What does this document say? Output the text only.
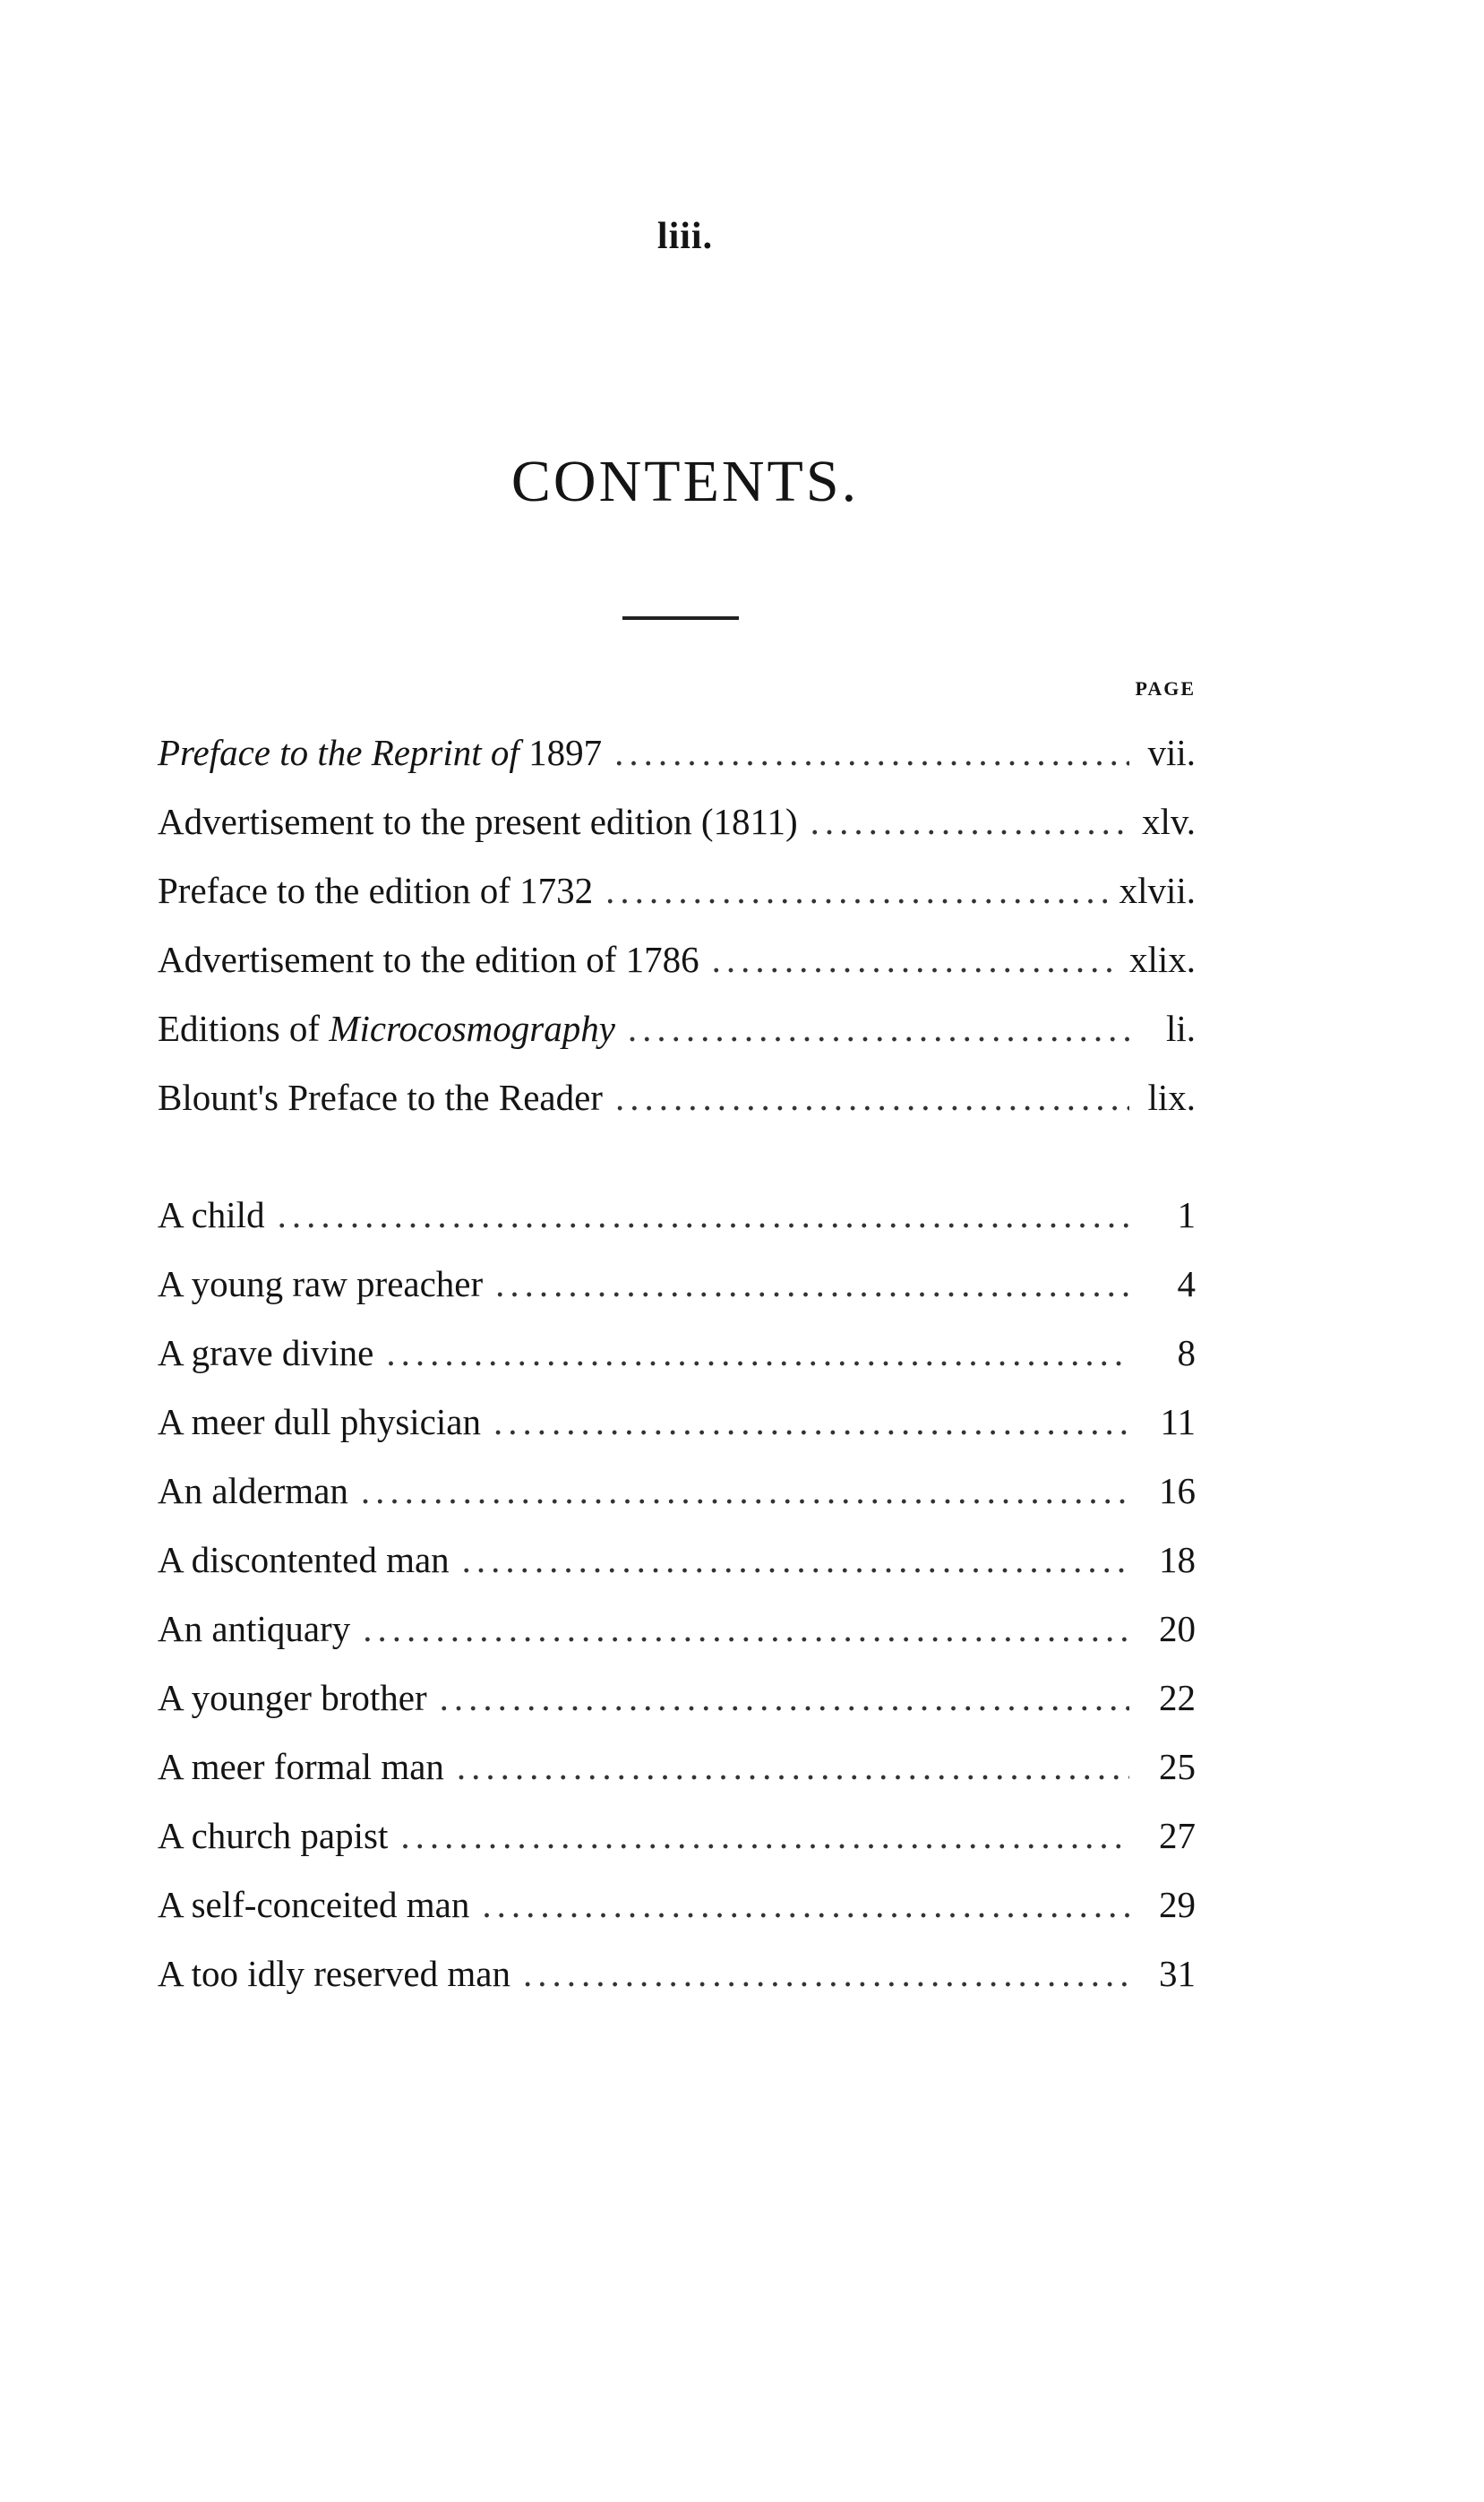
liii.
CONTENTS.
PAGE
Preface to the Reprint of 1897 .....	vii.
Advertisement to the present edition (1811) .....	xlv.
Preface to the edition of 1732 .....	xlvii.
Advertisement to the edition of 1786 .....	xlix.
Editions of Microcosmography .....	li.
Blount's Preface to the Reader .....	lix.
A child .....	1
A young raw preacher .....	4
A grave divine .....	8
A meer dull physician .....	11
An alderman .....	16
A discontented man .....	18
An antiquary .....	20
A younger brother .....	22
A meer formal man .....	25
A church papist .....	27
A self-conceited man .....	29
A too idly reserved man .....	31
